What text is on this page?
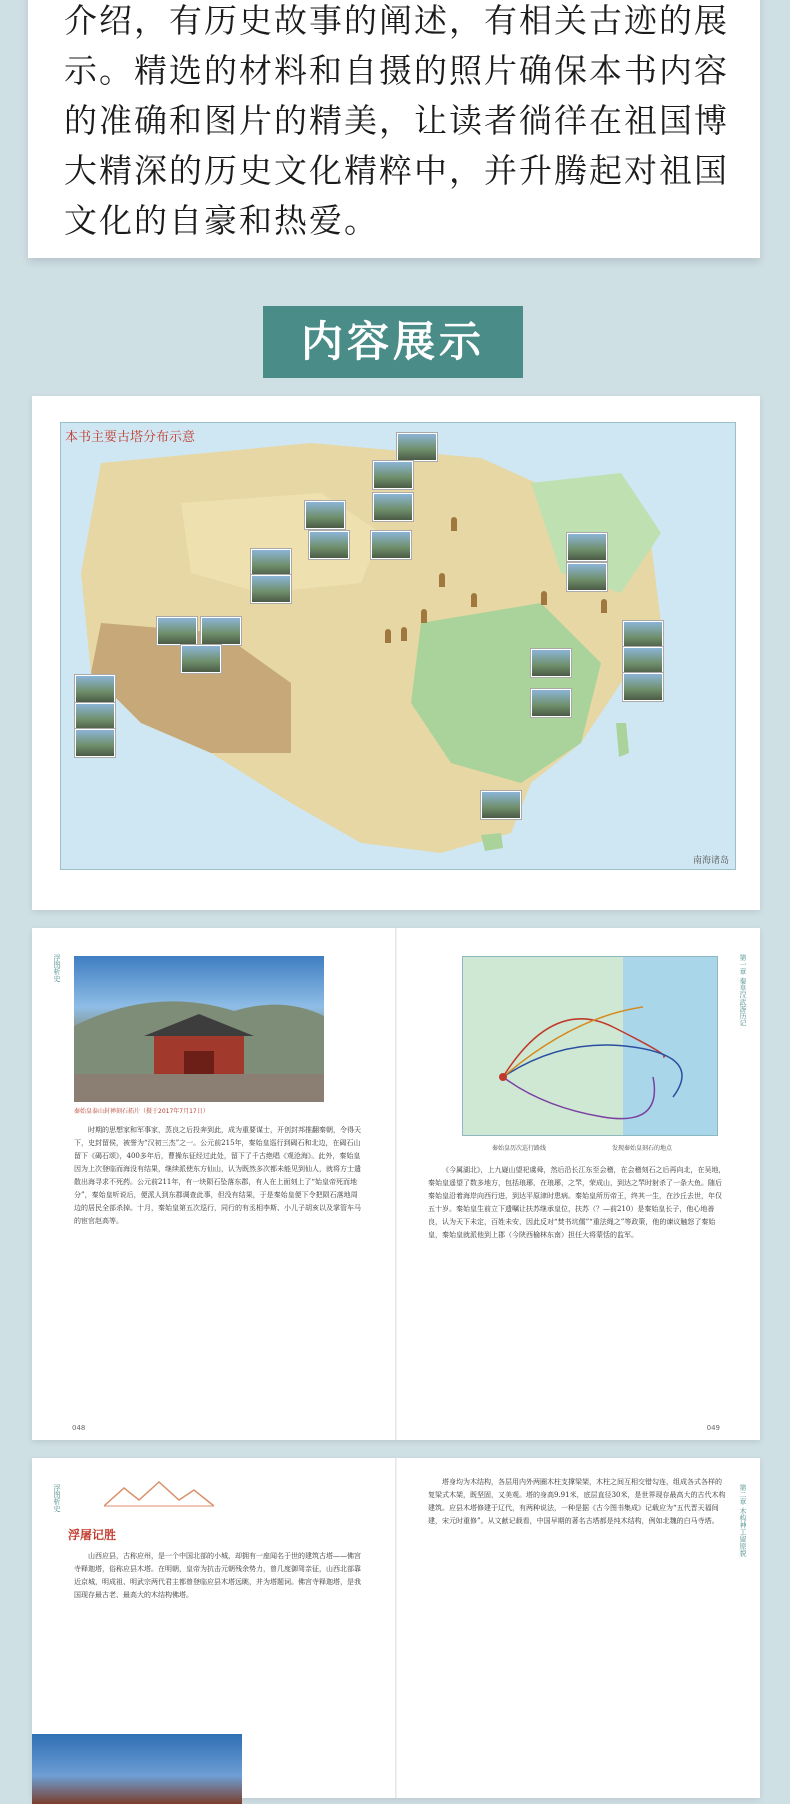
介绍，有历史故事的阐述，有相关古迹的展
示。精选的材料和自摄的照片确保本书内容
的准确和图片的精美，让读者徜徉在祖国博
大精深的历史文化精粹中，并升腾起对祖国
文化的自豪和热爱。
内容展示
本书主要古塔分布示意
南海诸岛
浮图析史	第一章 秦皇汉武游历记
秦始皇泰山封禅刻石拓片（摄于2017年7月17日）
时期的思想家和军事家，蒸良之后投奔到此，成为重要谋士，开创封邦推翻秦朝，令得天下，史封留侯，被誉为“汉初三杰”之一。公元前215年，秦始皇巡行到碣石和北边，在碣石山留下《碣石颂》，400多年后，曹操东征经过此处，留下了千古绝唱《观沧海》。此外，秦始皇因为上次登临而海没有结果，继续派使东方仙山，认为既然多次都未能见到仙人，就将方士遣散出海寻求不死药。公元前211年，有一块陨石坠落东郡，有人在上面刻上了“始皇帝死而地分”，秦始皇听说后，便派人到东郡调查此事，但没有结果，于是秦始皇便下令把陨石落地周边的居民全部杀掉。十月，秦始皇第五次巡行，同行的有丞相李斯、小儿子胡亥以及掌管车马的宦官赵高等。
秦始皇历次巡行路线	发现秦始皇刻石的地点
《今属湖北》，上九嶷山望祀虞舜，然后沿长江东至会稽，在会稽刻石之后再向北，在吴地，秦始皇遥望了数多地方，包括琅琊，在琅琊，之罘，荣成山，到达之罘时射杀了一条大鱼。随后秦始皇沿着海岸向西行进，到达平原津时患病。秦始皇所历帝王，终其一生，在沙丘去世，年仅五十岁。秦始皇生前立下遗嘱让扶苏继承皇位，扶苏（？—前210）是秦始皇长子，他心地善良，认为天下未定，百姓未安，因此反对“焚书坑儒”“重法绳之”等政策，他的谏议触怒了秦始皇，秦始皇就派他到上郡（今陕西榆林东南）担任大将蒙恬的监军。
048	049
浮图析史	第二章 木构神工留原貌
浮屠记胜
山西应县，古称应州，是一个中国北部的小城，却拥有一座闻名于世的建筑古塔——佛宫寺释迦塔，俗称应县木塔。在明朝，皇帝为抗击元朝残余势力，曾几度御驾亲征，山西北部靠近京城，明成祖、明武宗两代君主都曾登临应县木塔远眺，并为塔题词。佛宫寺释迦塔，是我国现存最古老、最高大的木结构佛塔。
塔身均为木结构，各层用内外两圈木柱支撑梁架，木柱之间互相交错勾连，组成各式各样的复梁式木架，既坚固，又美观。塔的身高9.91米，底层直径30米，是世界现存最高大的古代木构建筑。应县木塔修建于辽代，有两种说法，一种是据《古今图书集成》记载应为“五代晋天福间建，宋元时重修”。从文献记载看，中国早期的著名古塔都是纯木结构，例如北魏的白马寺塔。
